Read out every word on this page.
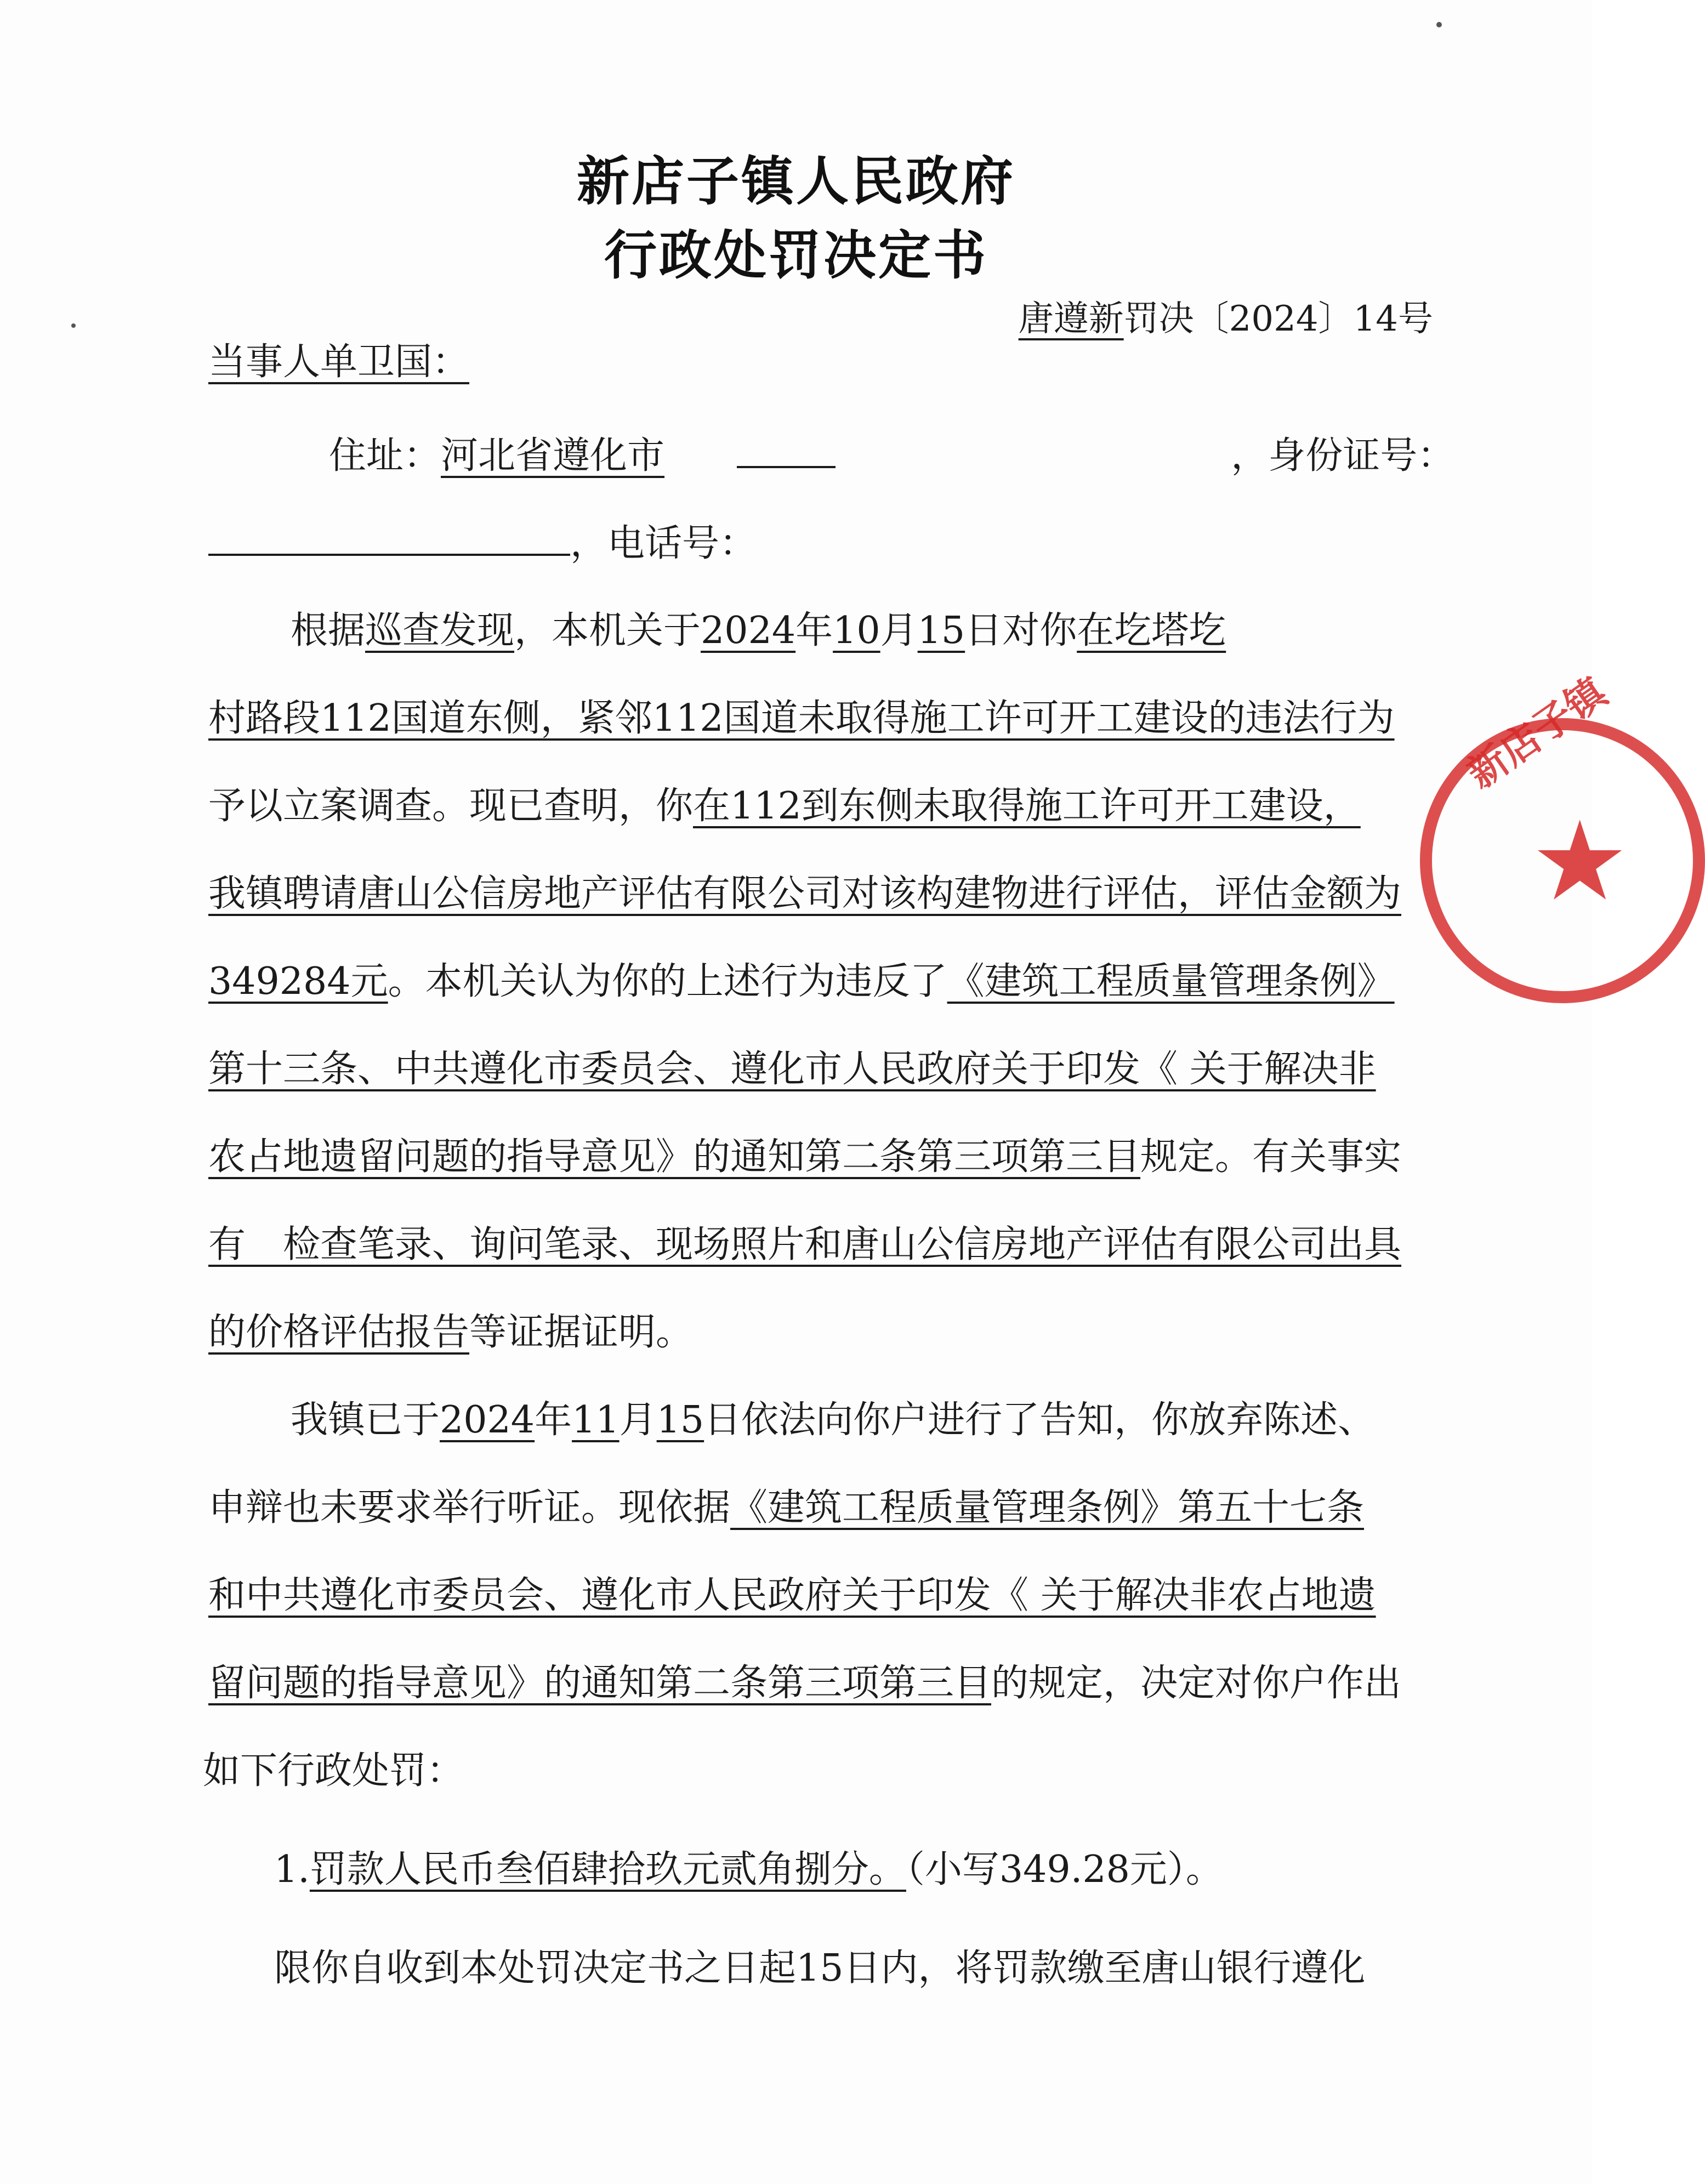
新店子镇人民政府
行政处罚决定书
唐遵新罚决〔2024〕14号
当事人单卫国：
住址：河北省遵化市	，身份证号：
，电话号：
根据巡查发现，本机关于2024年10月15日对你在圪塔圪
村路段112国道东侧，紧邻112国道未取得施工许可开工建设的违法行为
予以立案调查。现已查明，你在112到东侧未取得施工许可开工建设，
我镇聘请唐山公信房地产评估有限公司对该构建物进行评估，评估金额为
349284元。本机关认为你的上述行为违反了《建筑工程质量管理条例》
第十三条、中共遵化市委员会、遵化市人民政府关于印发《 关于解决非
农占地遗留问题的指导意见》的通知第二条第三项第三目规定。有关事实
有　检查笔录、询问笔录、现场照片和唐山公信房地产评估有限公司出具
的价格评估报告等证据证明。
我镇已于2024年11月15日依法向你户进行了告知，你放弃陈述、
申辩也未要求举行听证。现依据《建筑工程质量管理条例》第五十七条
和中共遵化市委员会、遵化市人民政府关于印发《 关于解决非农占地遗
留问题的指导意见》的通知第二条第三项第三目的规定，决定对你户作出
如下行政处罚：
1.罚款人民币叁佰肆拾玖元贰角捌分。（小写349.28元）。
限你自收到本处罚决定书之日起15日内，将罚款缴至唐山银行遵化
新店子镇
★
